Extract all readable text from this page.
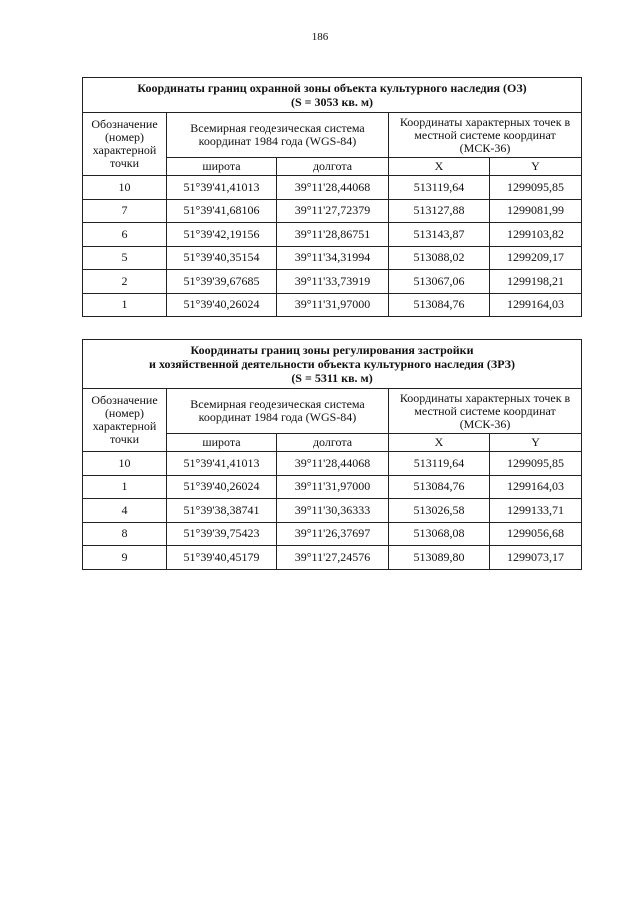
186
Координаты границ охранной зоны объекта культурного наследия (ОЗ)
(S = 3053 кв. м)				

Обозначение (номер) характерной точки	Всемирная геодезическая система координат 1984 года (WGS-84)		Координаты характерных точек в местной системе координат (МСК-36)	
	широта	долгота	X	Y
10	51°39'41,41013	39°11'28,44068	513119,64	1299095,85
7	51°39'41,68106	39°11'27,72379	513127,88	1299081,99
6	51°39'42,19156	39°11'28,86751	513143,87	1299103,82
5	51°39'40,35154	39°11'34,31994	513088,02	1299209,17
2	51°39'39,67685	39°11'33,73919	513067,06	1299198,21
1	51°39'40,26024	39°11'31,97000	513084,76	1299164,03
Координаты границ зоны регулирования застройки
и хозяйственной деятельности объекта культурного наследия (ЗРЗ)
(S = 5311 кв. м)				

Обозначение (номер) характерной точки	Всемирная геодезическая система координат 1984 года (WGS-84)		Координаты характерных точек в местной системе координат (МСК-36)	
	широта	долгота	X	Y
10	51°39'41,41013	39°11'28,44068	513119,64	1299095,85
1	51°39'40,26024	39°11'31,97000	513084,76	1299164,03
4	51°39'38,38741	39°11'30,36333	513026,58	1299133,71
8	51°39'39,75423	39°11'26,37697	513068,08	1299056,68
9	51°39'40,45179	39°11'27,24576	513089,80	1299073,17
